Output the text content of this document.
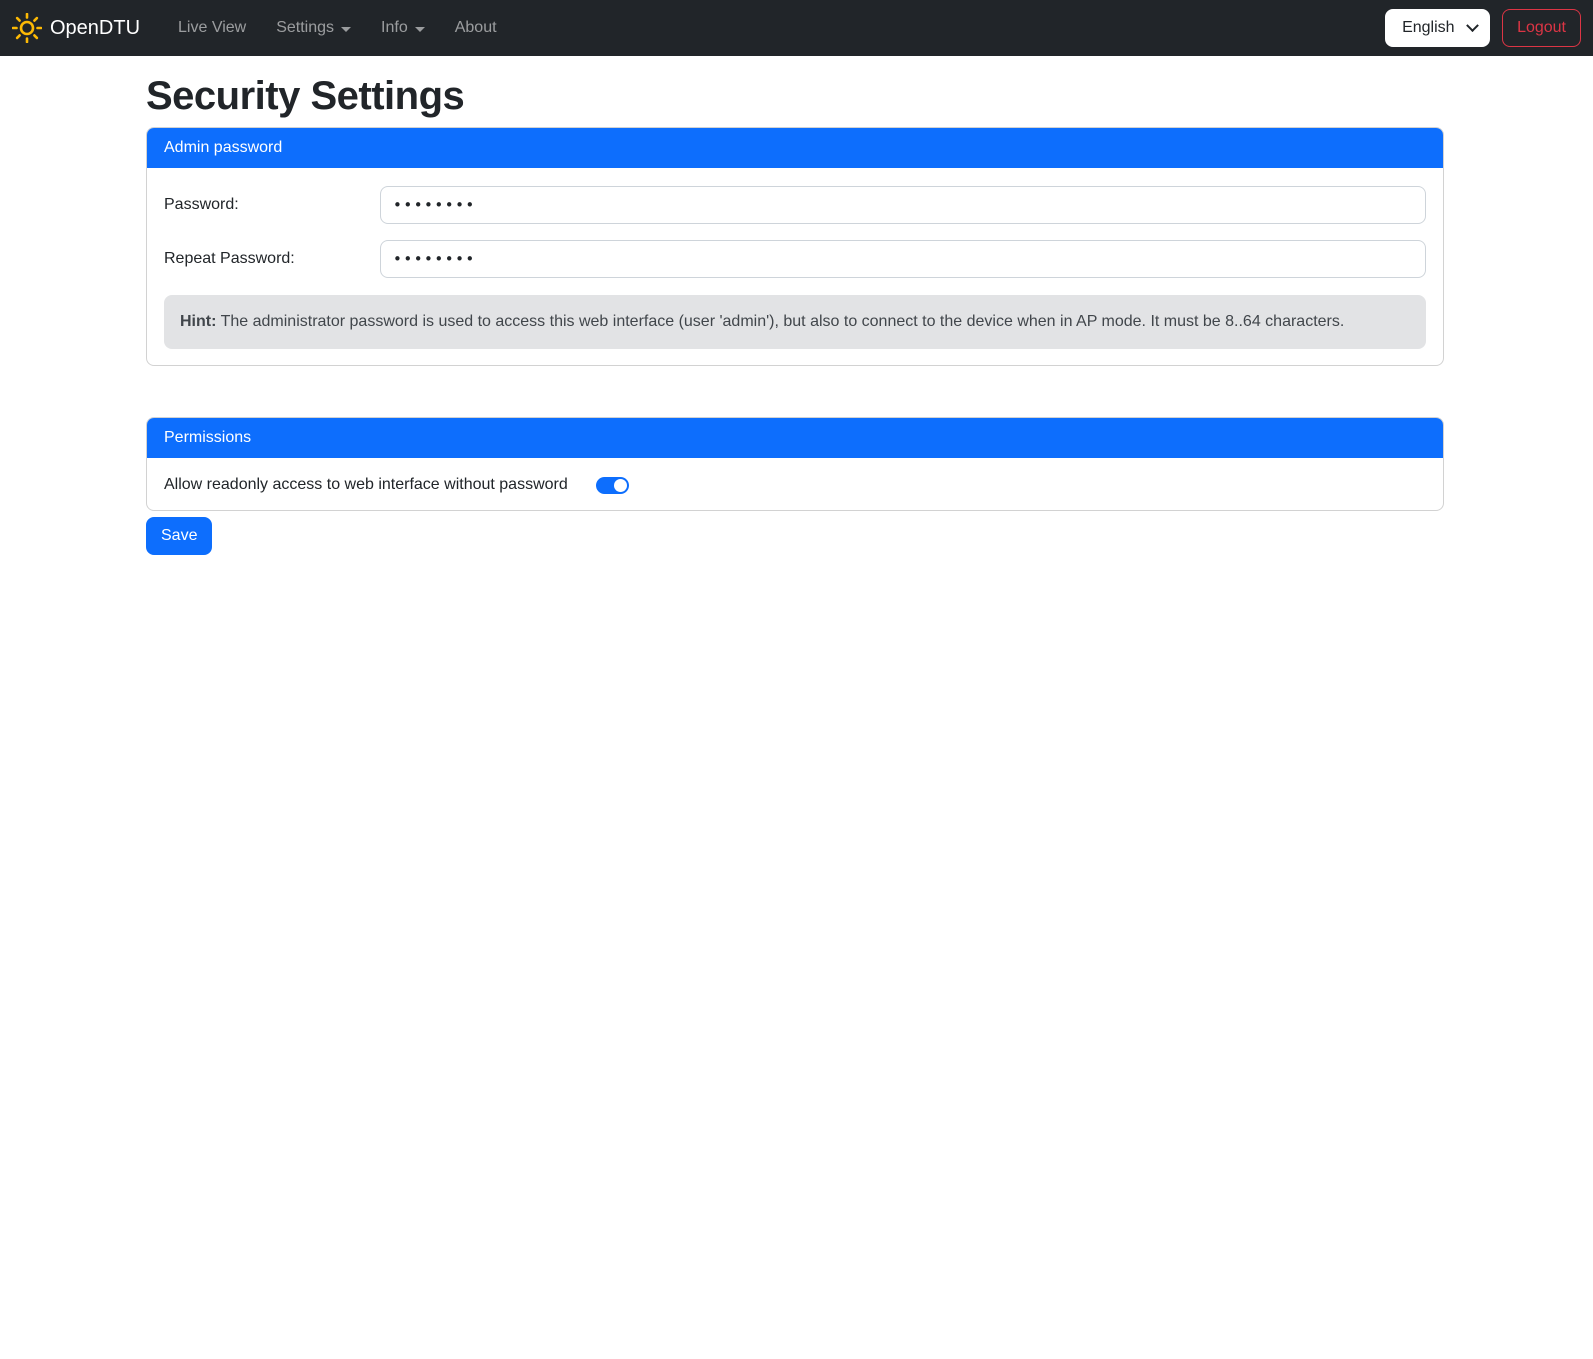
OpenDTU Live View Settings	Info	About	English	Logout
Security Settings
Admin password
Password:
••••••••
Repeat Password:
••••••••
Hint: The administrator password is used to access this web interface (user 'admin'), but also to connect to the device when in AP mode. It must be 8..64 characters.
Permissions
Allow readonly access to web interface without password
Save
